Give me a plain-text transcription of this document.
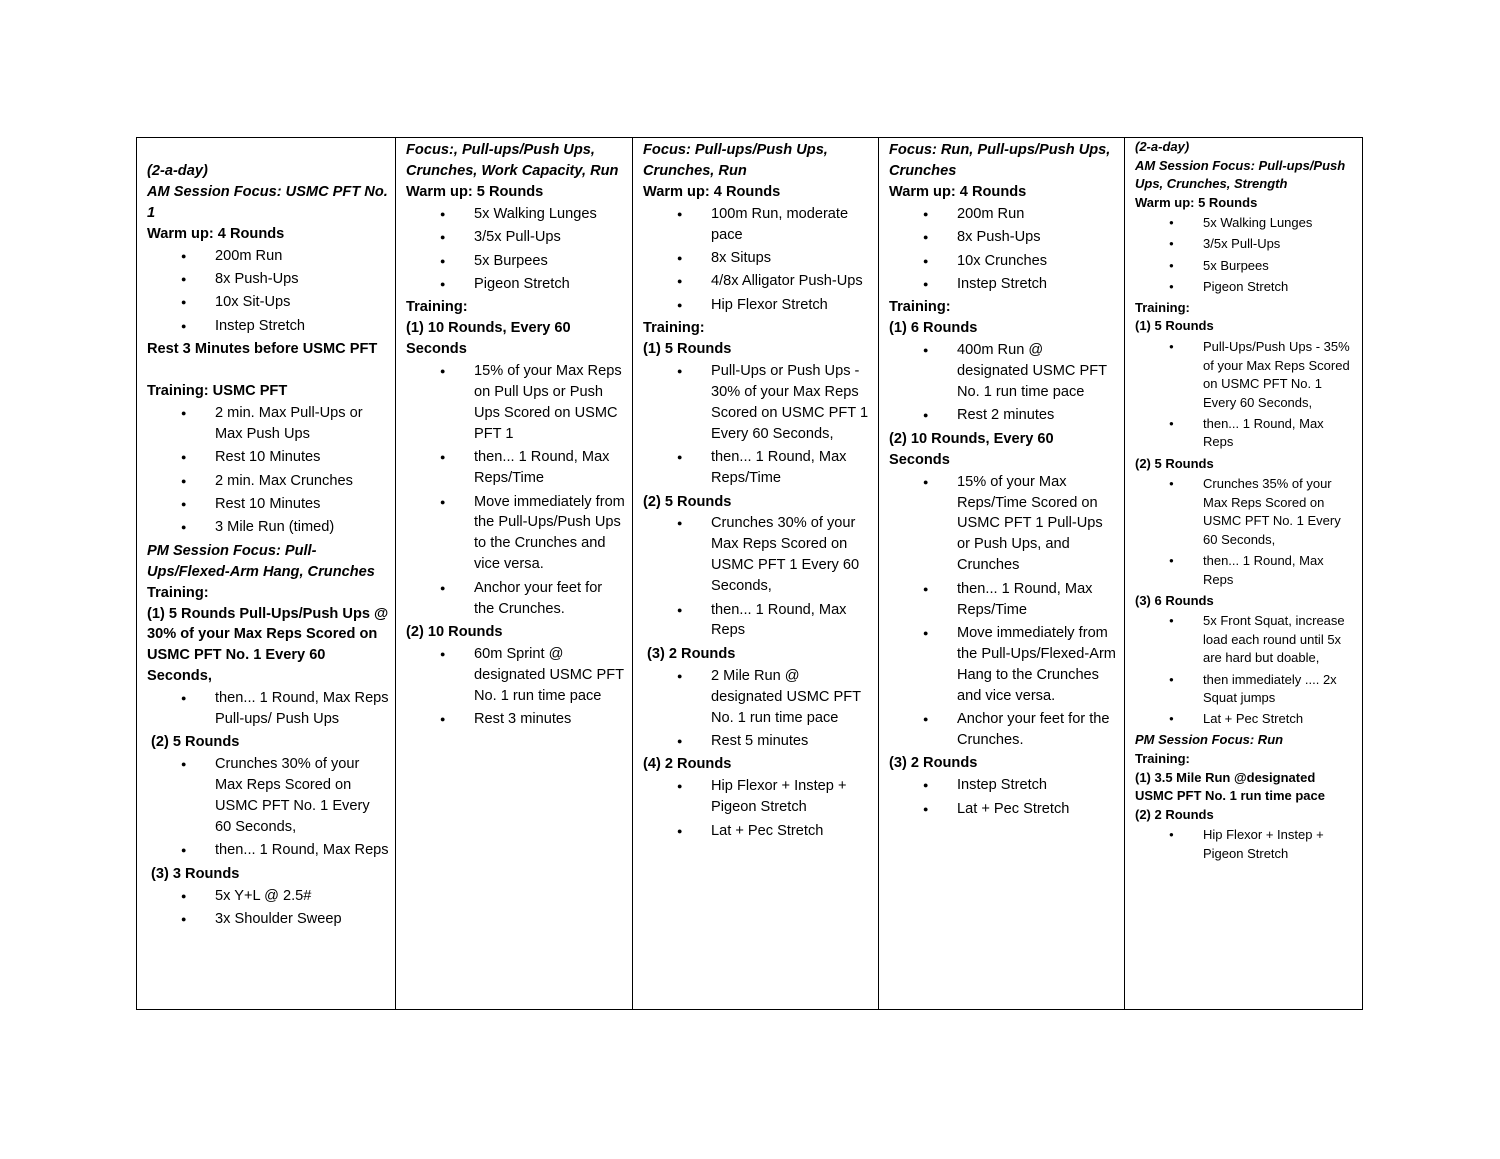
(2-a-day)
AM Session Focus: USMC PFT No. 1
Warm up: 4 Rounds
● 200m Run
● 8x Push-Ups
● 10x Sit-Ups
● Instep Stretch
Rest 3 Minutes before USMC PFT
Training: USMC PFT
● 2 min. Max Pull-Ups or Max Push Ups
● Rest 10 Minutes
● 2 min. Max Crunches
● Rest 10 Minutes
● 3 Mile Run (timed)
PM Session Focus: Pull-Ups/Flexed-Arm Hang, Crunches
Training:
(1) 5 Rounds Pull-Ups/Push Ups @ 30% of your Max Reps Scored on USMC PFT No. 1 Every 60 Seconds,
● then... 1 Round, Max Reps Pull-ups/ Push Ups
(2) 5 Rounds
● Crunches 30% of your Max Reps Scored on USMC PFT No. 1 Every 60 Seconds,
● then... 1 Round, Max Reps
(3) 3 Rounds
● 5x Y+L @ 2.5#
● 3x Shoulder Sweep

Focus:, Pull-ups/Push Ups, Crunches, Work Capacity, Run
Warm up: 5 Rounds
● 5x Walking Lunges
● 3/5x Pull-Ups
● 5x Burpees
● Pigeon Stretch
Training:
(1) 10 Rounds, Every 60 Seconds
● 15% of your Max Reps on Pull Ups or Push Ups Scored on USMC PFT 1
● then... 1 Round, Max Reps/Time
● Move immediately from the Pull-Ups/Push Ups to the Crunches and vice versa.
● Anchor your feet for the Crunches.
(2) 10 Rounds
● 60m Sprint @ designated USMC PFT No. 1 run time pace
● Rest 3 minutes

Focus: Pull-ups/Push Ups, Crunches, Run
Warm up: 4 Rounds
● 100m Run, moderate pace
● 8x Situps
● 4/8x Alligator Push-Ups
● Hip Flexor Stretch
Training:
(1) 5 Rounds
● Pull-Ups or Push Ups - 30% of your Max Reps Scored on USMC PFT 1 Every 60 Seconds,
● then... 1 Round, Max Reps/Time
(2) 5 Rounds
● Crunches 30% of your Max Reps Scored on USMC PFT 1 Every 60 Seconds,
● then... 1 Round, Max Reps
(3) 2 Rounds
● 2 Mile Run @ designated USMC PFT No. 1 run time pace
● Rest 5 minutes
(4) 2 Rounds
● Hip Flexor + Instep + Pigeon Stretch
● Lat + Pec Stretch

Focus: Run, Pull-ups/Push Ups, Crunches
Warm up: 4 Rounds
● 200m Run
● 8x Push-Ups
● 10x Crunches
● Instep Stretch
Training:
(1) 6 Rounds
● 400m Run @ designated USMC PFT No. 1 run time pace
● Rest 2 minutes
(2) 10 Rounds, Every 60 Seconds
● 15% of your Max Reps/Time Scored on USMC PFT 1 Pull-Ups or Push Ups, and Crunches
● then... 1 Round, Max Reps/Time
● Move immediately from the Pull-Ups/Flexed-Arm Hang to the Crunches and vice versa.
● Anchor your feet for the Crunches.
(3) 2 Rounds
● Instep Stretch
● Lat + Pec Stretch

(2-a-day)
AM Session Focus: Pull-ups/Push Ups, Crunches, Strength
Warm up: 5 Rounds
● 5x Walking Lunges
● 3/5x Pull-Ups
● 5x Burpees
● Pigeon Stretch
Training:
(1) 5 Rounds
● Pull-Ups/Push Ups - 35% of your Max Reps Scored on USMC PFT No. 1 Every 60 Seconds,
● then... 1 Round, Max Reps
(2) 5 Rounds
● Crunches 35% of your Max Reps Scored on USMC PFT No. 1 Every 60 Seconds,
● then... 1 Round, Max Reps
(3) 6 Rounds
● 5x Front Squat, increase load each round until 5x are hard but doable,
● then immediately .... 2x Squat jumps
● Lat + Pec Stretch
PM Session Focus: Run
Training:
(1) 3.5 Mile Run @designated USMC PFT No. 1 run time pace
(2) 2 Rounds
● Hip Flexor + Instep + Pigeon Stretch
